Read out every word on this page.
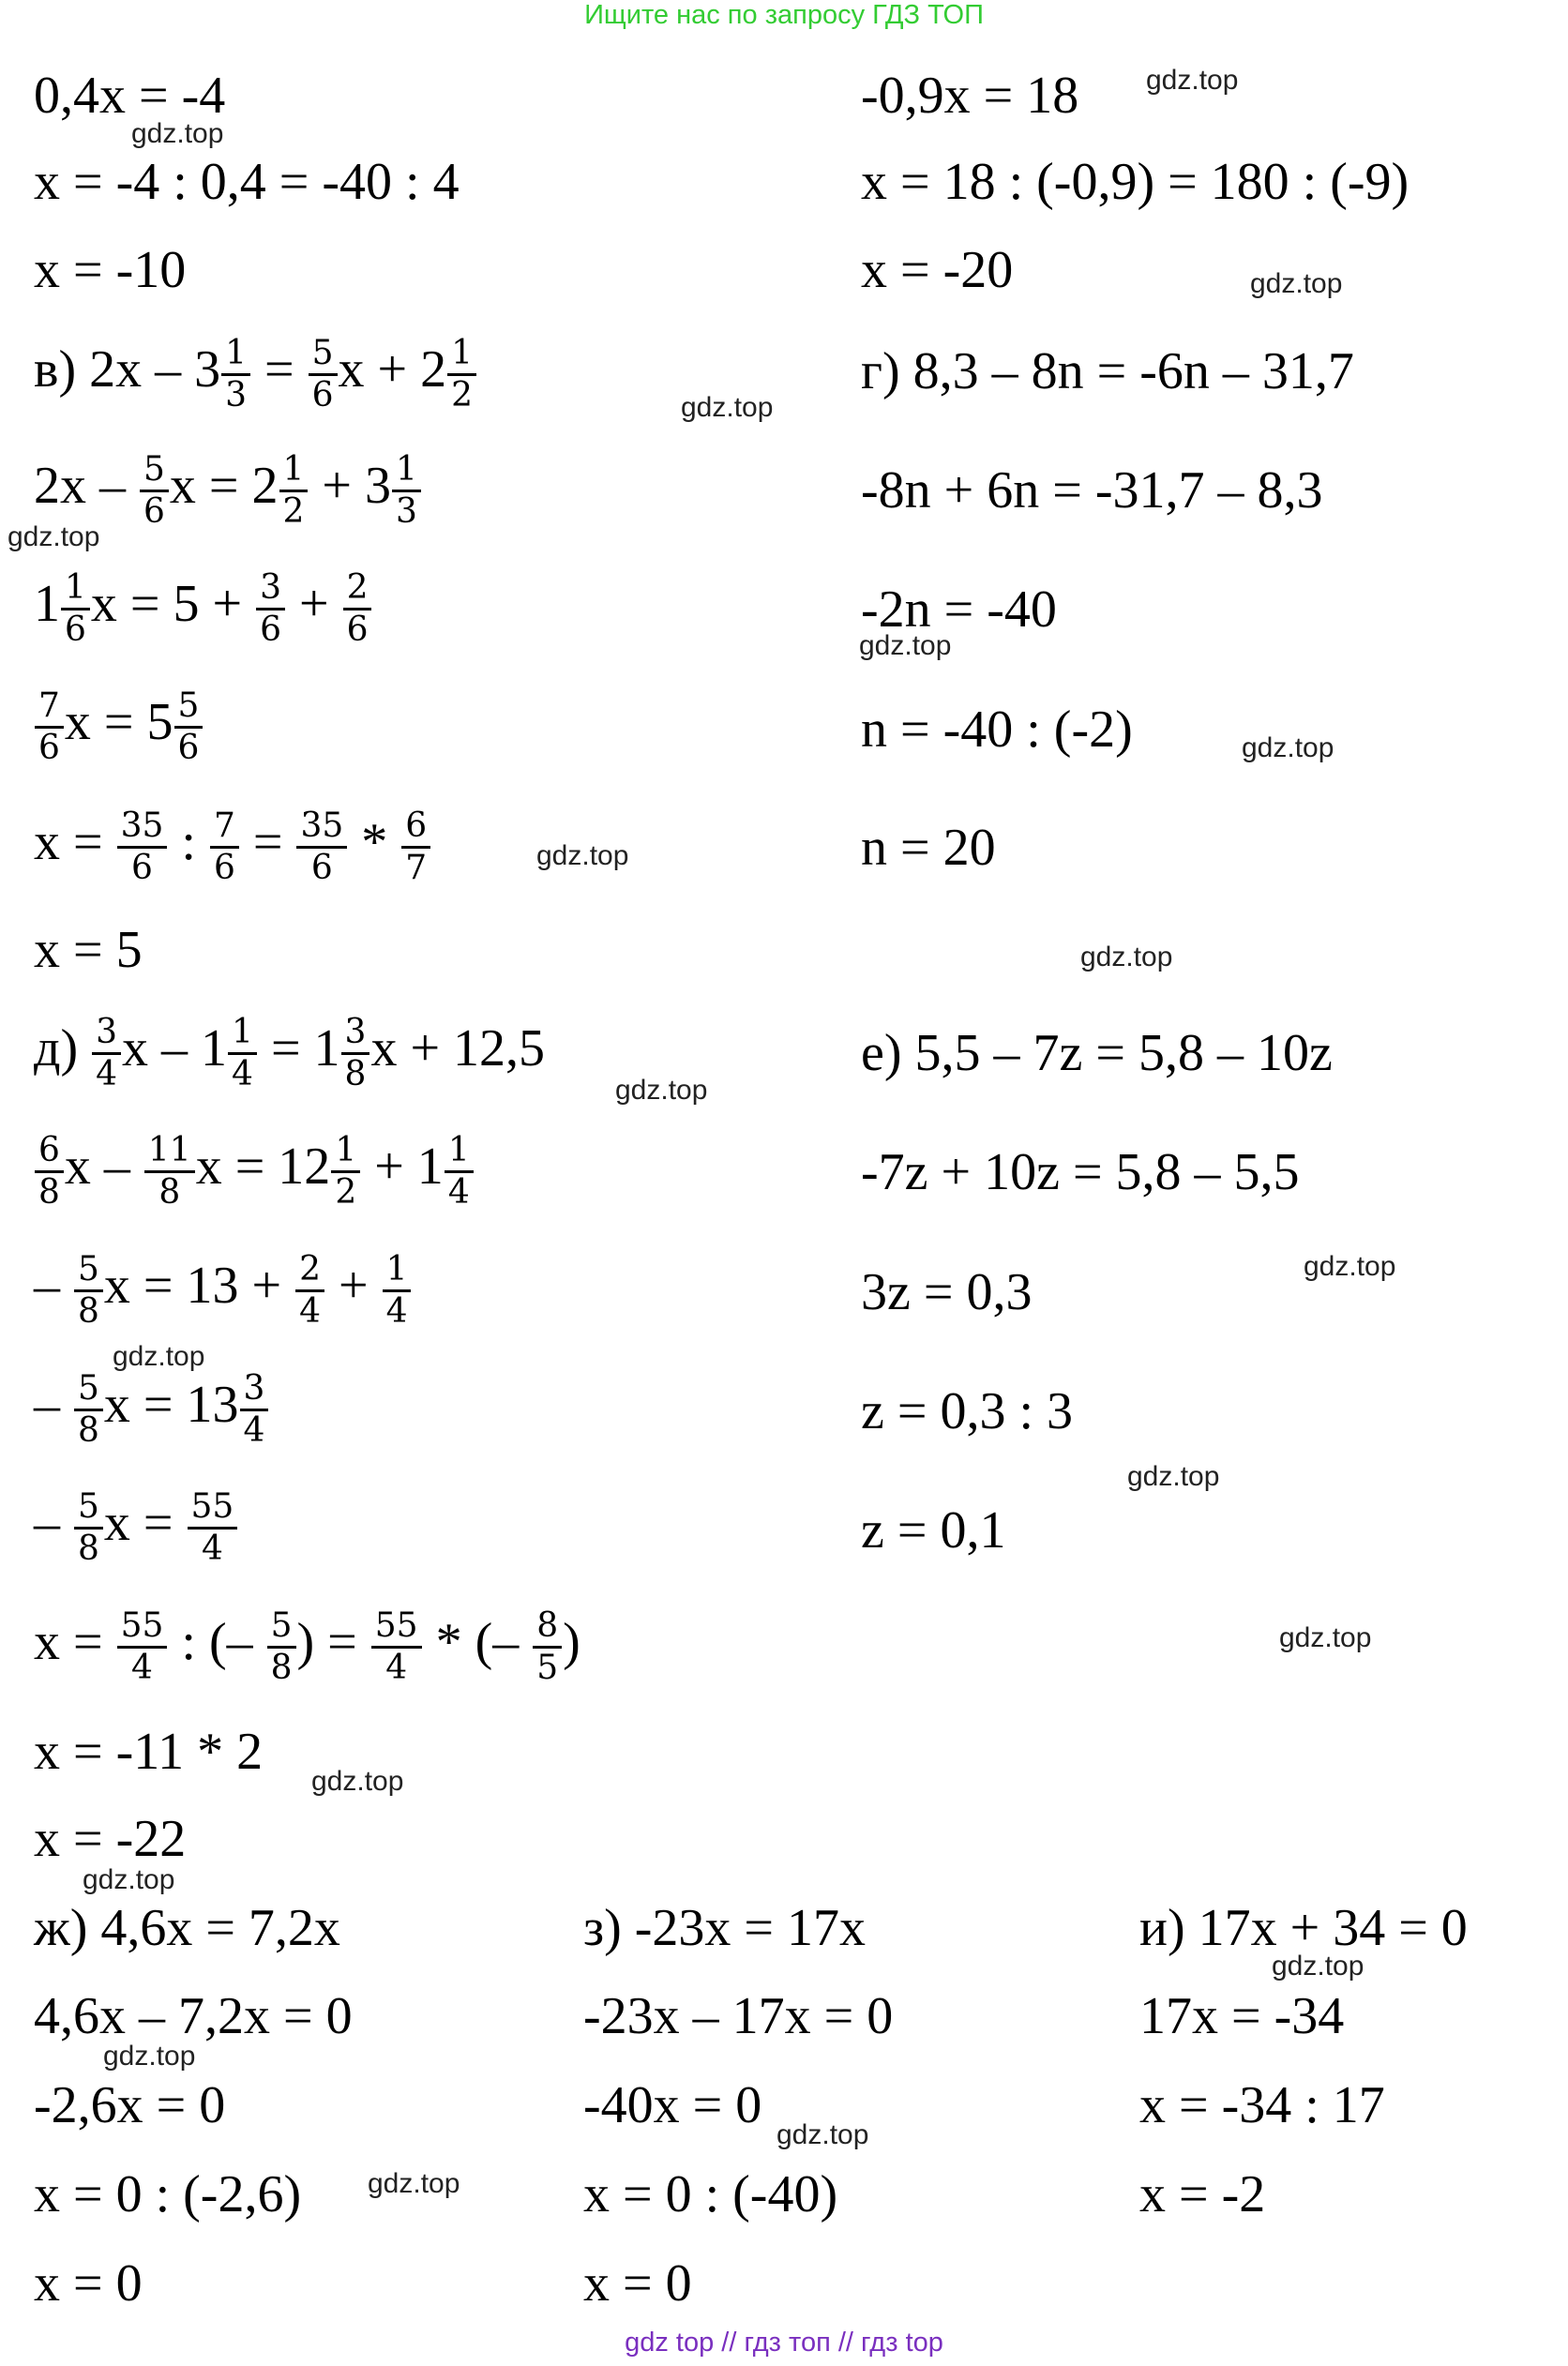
Ищите нас по запросу ГДЗ ТОП
0,4x = -4
x = -4 : 0,4 = -40 : 4
x = -10
-0,9x = 18
x = 18 : (-0,9) = 180 : (-9)
x = -20
в) $2x - 3 \frac{1}{3} = \frac{5}{6}$ $x + 2 \frac{1}{2}$
$2x - \frac{5}{6}$ $x = 2 \frac{1}{2} + 3 \frac{1}{3}$
$1 \frac{1}{6}$ $x = 5 + \frac{3}{6} + \frac{2}{6}$
$\frac{7}{6}$ $x = 5 \frac{5}{6}$
$x = \frac{35}{6}$ : $\frac{7}{6} = \frac{35}{6} * \frac{6}{7}$
x = 5
г) 8,3 – 8n = -6n – 31,7
-8n + 6n = -31,7 – 8,3
-2n = -40
n = -40 : (-2)
n = 20
$д) \frac{3}{4}$ $x - 1 \frac{1}{4} = 1 \frac{3}{8}$ x + 12,5
$\frac{6}{8}$ x – $\frac{11}{8}$ $x = 12 \frac{1}{2} + 1 \frac{1}{4}$
– $\frac{5}{8}$ $x = 13 + \frac{2}{4} + \frac{1}{4}$
– $\frac{5}{8}$ $x = 13 \frac{3}{4}$
– $\frac{5}{8}$ $x = \frac{55}{4}$
$x = \frac{55}{4}$ : (– $\frac{5}{8}$ ) = $\frac{55}{4}$ * (– $\frac{8}{5}$ )
x = -11 * 2
x = -22
е) 5,5 – 7z = 5,8 – 10z
-7z + 10z = 5,8 – 5,5
3z = 0,3
z = 0,3 : 3
z = 0,1
ж) 4,6x = 7,2x
4,6x – 7,2x = 0
-2,6x = 0
x = 0 : (-2,6)
x = 0
з) -23x = 17x
-23x – 17x = 0
-40x = 0
x = 0 : (-40)
x = 0
и) 17x + 34 = 0
17x = -34
x = -34 : 17
x = -2
gdz.top
gdz.top
gdz.top
gdz.top
gdz.top
gdz.top
gdz.top
gdz.top
gdz.top
gdz.top
gdz.top
gdz.top
gdz.top
gdz.top
gdz.top
gdz.top
gdz.top
gdz.top
gdz.top
gdz.top
gdz top // гдз топ // гдз top
